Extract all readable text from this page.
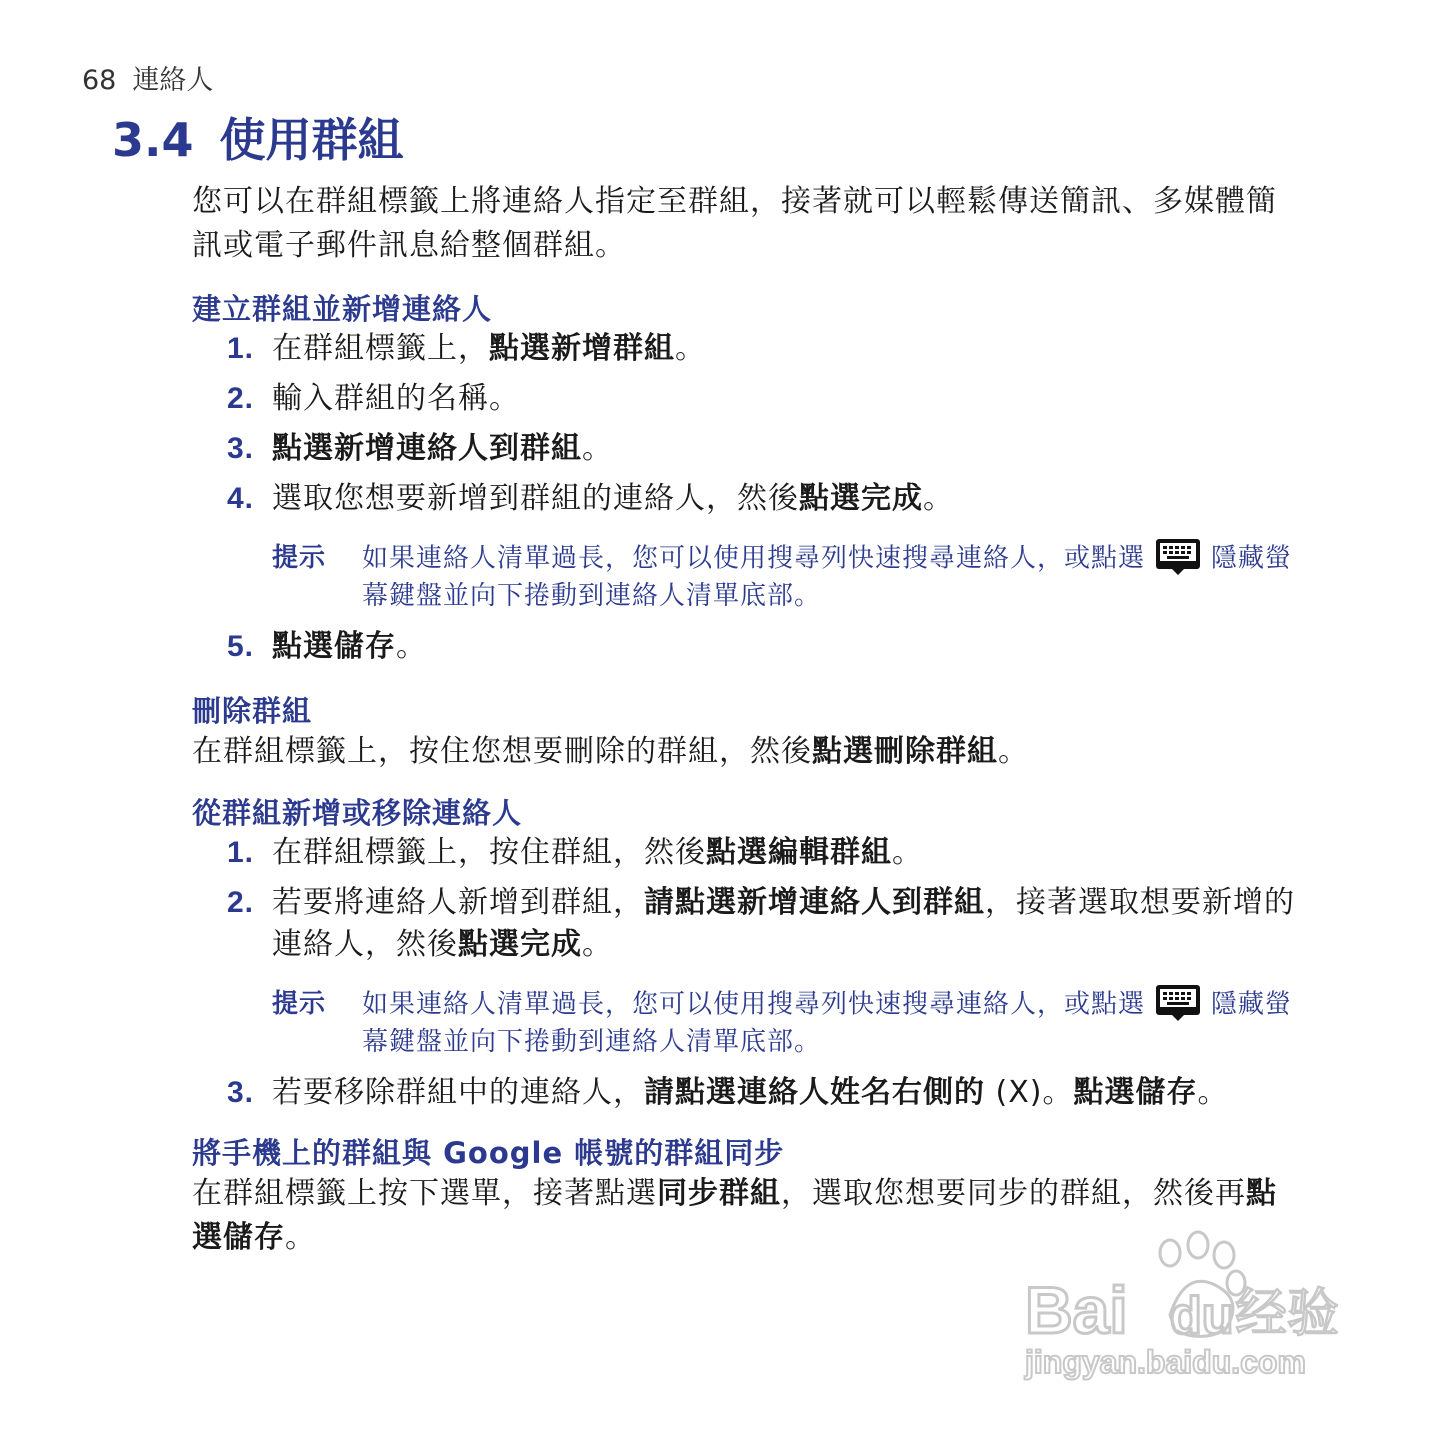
68 連絡人
3.4 使用群組

您可以在群組標籤上將連絡人指定至群組，接著就可以輕鬆傳送簡訊、多媒體簡訊或電子郵件訊息給整個群組。

建立群組並新增連絡人
1. 在群組標籤上，點選新增群組。
2. 輸入群組的名稱。
3. 點選新增連絡人到群組。
4. 選取您想要新增到群組的連絡人，然後點選完成。
提示	如果連絡人清單過長，您可以使用搜尋列快速搜尋連絡人，或點選	隱藏螢幕鍵盤並向下捲動到連絡人清單底部。
5. 點選儲存。
刪除群組

在群組標籤上，按住您想要刪除的群組，然後點選刪除群組。

從群組新增或移除連絡人
1. 在群組標籤上，按住群組，然後點選編輯群組。
2. 若要將連絡人新增到群組，請點選新增連絡人到群組，接著選取想要新增的連絡人，然後點選完成。
提示	如果連絡人清單過長，您可以使用搜尋列快速搜尋連絡人，或點選	隱藏螢幕鍵盤並向下捲動到連絡人清單底部。
3. 若要移除群組中的連絡人，請點選連絡人姓名右側的 (X)。點選儲存。
將手機上的群組與 Google 帳號的群組同步

在群組標籤上按下選單，接著點選同步群組，選取您想要同步的群組，然後再點選儲存。

Bai du 经验
jingyan.baidu.com
